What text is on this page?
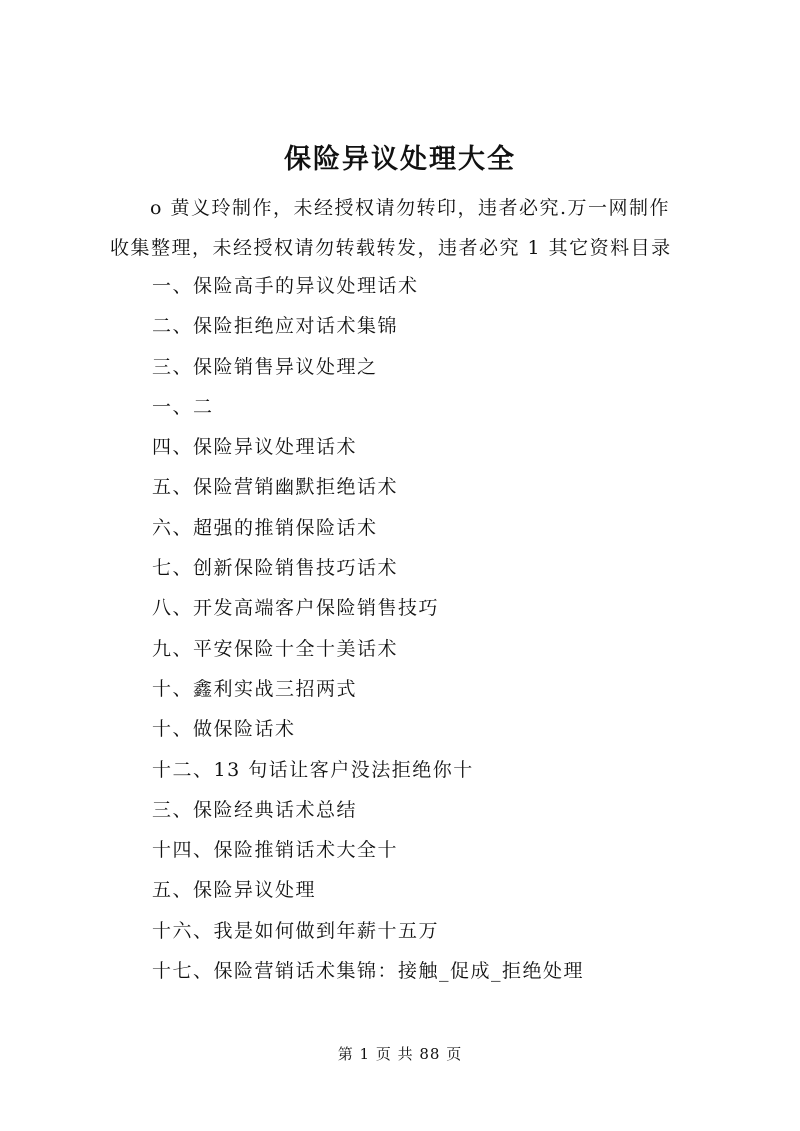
保险异议处理大全
o 黄义玲制作，未经授权请勿转印，违者必究.万一网制作
收集整理，未经授权请勿转载转发，违者必究 1 其它资料目录
一、保险高手的异议处理话术
二、保险拒绝应对话术集锦
三、保险销售异议处理之
一、二
四、保险异议处理话术
五、保险营销幽默拒绝话术
六、超强的推销保险话术
七、创新保险销售技巧话术
八、开发高端客户保险销售技巧
九、平安保险十全十美话术
十、鑫利实战三招两式
十、做保险话术
十二、13 句话让客户没法拒绝你十
三、保险经典话术总结
十四、保险推销话术大全十
五、保险异议处理
十六、我是如何做到年薪十五万
十七、保险营销话术集锦：接触_促成_拒绝处理
第 1 页 共 88 页
